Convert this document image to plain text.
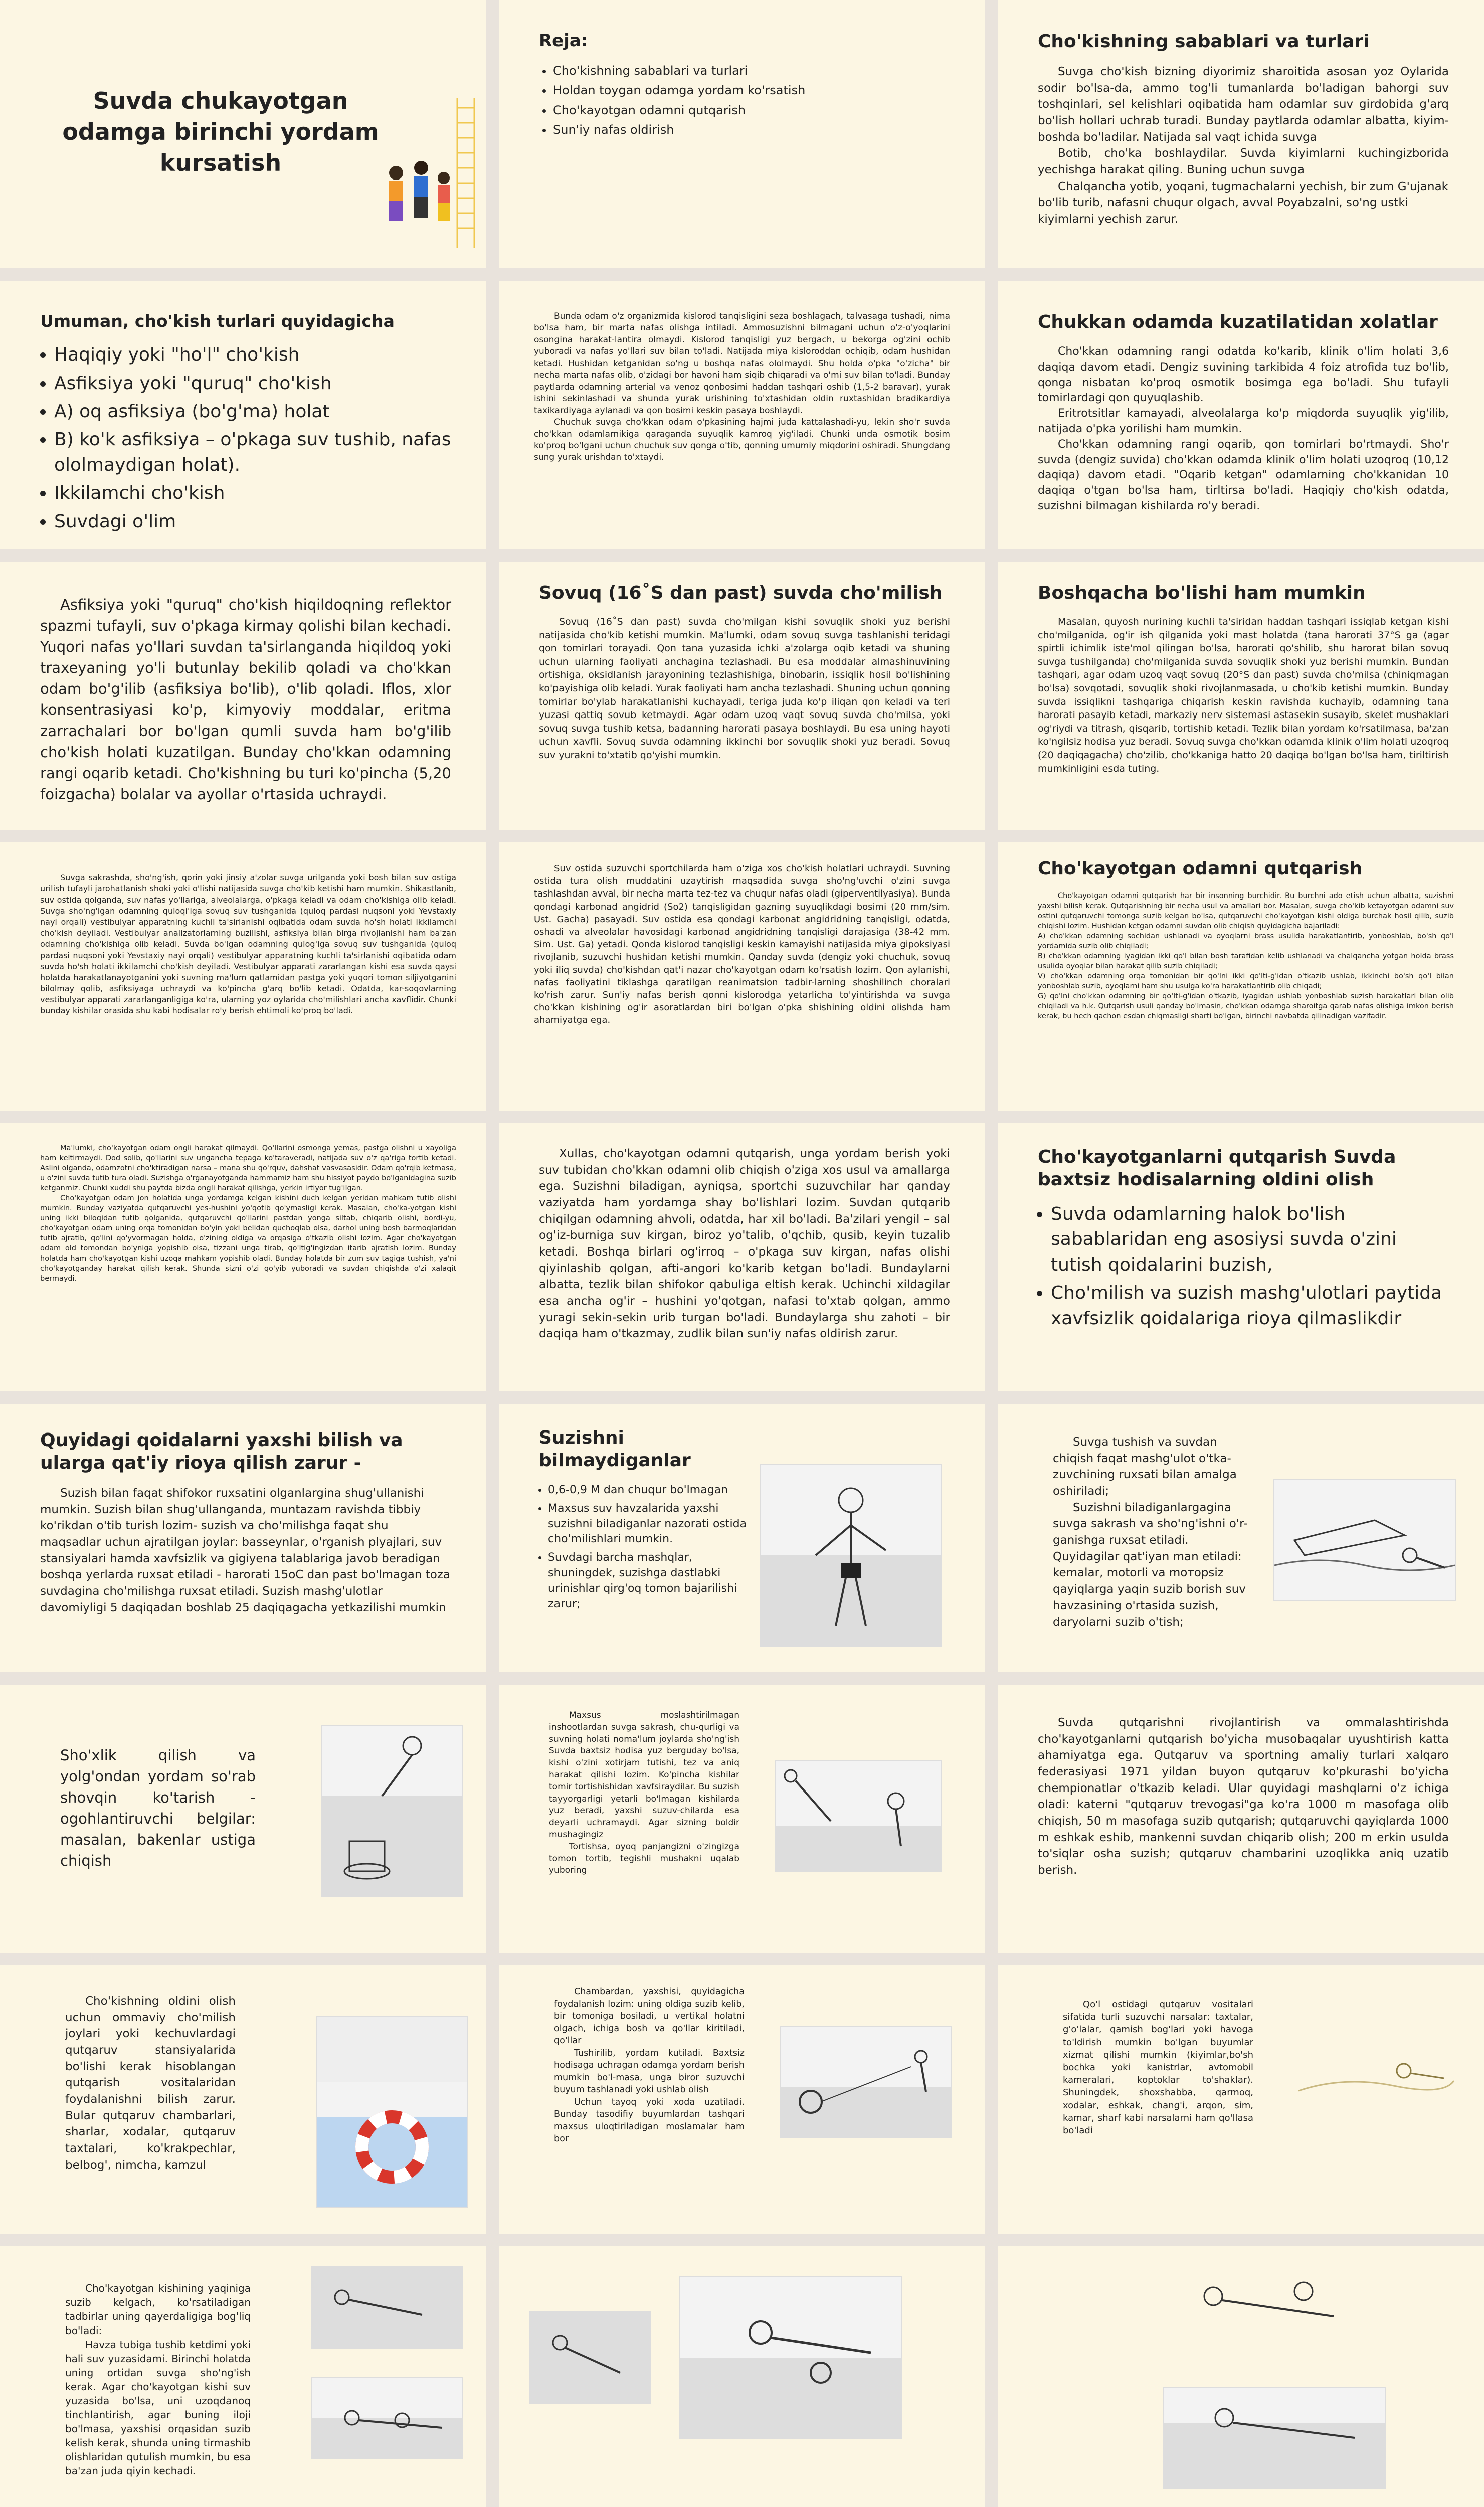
Suvda chukayotgan odamga birinchi yordam kursatish
Reja:
• Cho'kishning sabablari va turlari
• Holdan toygan odamga yordam ko'rsatish
• Cho'kayotgan odamni qutqarish
• Sun'iy nafas oldirish
Cho'kishning sabablari va turlari

Suvga cho'kish bizning diyorimiz sharoitida asosan yoz Oylarida sodir bo'lsa-da, ammo tog'li tumanlarda bo'ladigan bahorgi suv toshqinlari, sel kelishlari oqibatida ham odamlar suv girdobida g'arq bo'lish hollari uchrab turadi. Bunday paytlarda odamlar albatta, kiyim-boshda bo'ladilar. Natijada sal vaqt ichida suvga

Botib, cho'ka boshlaydilar. Suvda kiyimlarni kuchingizborida yechishga harakat qiling. Buning uchun suvga

Chalqancha yotib, yoqani, tugmachalarni yechish, bir zum G'ujanak bo'lib turib, nafasni chuqur olgach, avval Poyabzalni, so'ng ustki kiyimlarni yechish zarur.

Umuman, cho'kish turlari quyidagicha
• Haqiqiy yoki "ho'l" cho'kish
• Asfiksiya yoki "quruq" cho'kish
• A) oq asfiksiya (bo'g'ma) holat
• B) ko'k asfiksiya – o'pkaga suv tushib, nafas ololmaydigan holat).
• Ikkilamchi cho'kish
• Suvdagi o'lim

Bunda odam o'z organizmida kislorod tanqisligini seza boshlagach, talvasaga tushadi, nima bo'lsa ham, bir marta nafas olishga intiladi. Ammosuzishni bilmagani uchun o'z-o'yoqlarini osongina harakat-lantira olmaydi. Kislorod tanqisligi yuz bergach, u bekorga og'zini ochib yuboradi va nafas yo'llari suv bilan to'ladi. Natijada miya kisloroddan ochiqib, odam hushidan ketadi. Hushidan ketganidan so'ng u boshqa nafas ololmaydi. Shu holda o'pka "o'zicha" bir necha marta nafas olib, o'zidagi bor havoni ham siqib chiqaradi va o'mi suv bilan to'ladi. Bunday paytlarda odamning arterial va venoz qonbosimi haddan tashqari oshib (1,5-2 baravar), yurak ishini sekinlashadi va shunda yurak urishining to'xtashidan oldin ruxtashidan bradikardiya taxikardiyaga aylanadi va qon bosimi keskin pasaya boshlaydi.

Chuchuk suvga cho'kkan odam o'pkasining hajmi juda kattalashadi-yu, lekin sho'r suvda cho'kkan odamlarnikiga qaraganda suyuqlik kamroq yig'iladi. Chunki unda osmotik bosim ko'proq bo'lgani uchun chuchuk suv qonga o'tib, qonning umumiy miqdorini oshiradi. Shungdang sung yurak urishdan to'xtaydi.

Chukkan odamda kuzatilatidan xolatlar

Cho'kkan odamning rangi odatda ko'karib, klinik o'lim holati 3,6 daqiqa davom etadi. Dengiz suvining tarkibida 4 foiz atrofida tuz bo'lib, qonga nisbatan ko'proq osmotik bosimga ega bo'ladi. Shu tufayli tomirlardagi qon quyuqlashib.

Eritrotsitlar kamayadi, alveolalarga ko'p miqdorda suyuqlik yig'ilib, natijada o'pka yorilishi ham mumkin.

Cho'kkan odamning rangi oqarib, qon tomirlari bo'rtmaydi. Sho'r suvda (dengiz suvida) cho'kkan odamda klinik o'lim holati uzoqroq (10,12 daqiqa) davom etadi. "Oqarib ketgan" odamlarning cho'kkanidan 10 daqiqa o'tgan bo'lsa ham, tirltirsa bo'ladi. Haqiqiy cho'kish odatda, suzishni bilmagan kishilarda ro'y beradi.

Asfiksiya yoki "quruq" cho'kish hiqildoqning reflektor spazmi tufayli, suv o'pkaga kirmay qolishi bilan kechadi. Yuqori nafas yo'llari suvdan ta'sirlanganda hiqildoq yoki traxeyaning yo'li butunlay bekilib qoladi va cho'kkan odam bo'g'ilib (asfiksiya bo'lib), o'lib qoladi. Iflos, xlor konsentrasiyasi ko'p, kimyoviy moddalar, eritma zarrachalari bor bo'lgan qumli suvda ham bo'g'ilib cho'kish holati kuzatilgan. Bunday cho'kkan odamning rangi oqarib ketadi. Cho'kishning bu turi ko'pincha (5,20 foizgacha) bolalar va ayollar o'rtasida uchraydi.

Sovuq (16˚S dan past) suvda cho'milish

Sovuq (16˚S dan past) suvda cho'milgan kishi sovuqlik shoki yuz berishi natijasida cho'kib ketishi mumkin. Ma'lumki, odam sovuq suvga tashlanishi teridagi qon tomirlari torayadi. Qon tana yuzasida ichki a'zolarga oqib ketadi va shuning uchun ularning faoliyati anchagina tezlashadi. Bu esa moddalar almashinuvining ortishiga, oksidlanish jarayonining tezlashishiga, binobarin, issiqlik hosil bo'lishining ko'payishiga olib keladi. Yurak faoliyati ham ancha tezlashadi. Shuning uchun qonning tomirlar bo'ylab harakatlanishi kuchayadi, teriga juda ko'p iliqan qon keladi va teri yuzasi qattiq sovub ketmaydi. Agar odam uzoq vaqt sovuq suvda cho'milsa, yoki sovuq suvga tushib ketsa, badanning harorati pasaya boshlaydi. Bu esa uning hayoti uchun xavfli. Sovuq suvda odamning ikkinchi bor sovuqlik shoki yuz beradi. Sovuq suv yurakni to'xtatib qo'yishi mumkin.

Boshqacha bo'lishi ham mumkin

Masalan, quyosh nurining kuchli ta'siridan haddan tashqari issiqlab ketgan kishi cho'milganida, og'ir ish qilganida yoki mast holatda (tana harorati 37°S ga (agar spirtli ichimlik iste'mol qilingan bo'lsa, harorati qo'shilib, shu harorat bilan sovuq suvga tushilganda) cho'milganida suvda sovuqlik shoki yuz berishi mumkin. Bundan tashqari, agar odam uzoq vaqt sovuq (20°S dan past) suvda cho'milsa (chiniqmagan bo'lsa) sovqotadi, sovuqlik shoki rivojlanmasada, u cho'kib ketishi mumkin. Bunday suvda issiqlikni tashqariga chiqarish keskin ravishda kuchayib, odamning tana harorati pasayib ketadi, markaziy nerv sistemasi astasekin susayib, skelet mushaklari og'riydi va titrash, qisqarib, tortishib ketadi. Tezlik bilan yordam ko'rsatilmasa, ba'zan ko'ngilsiz hodisa yuz beradi. Sovuq suvga cho'kkan odamda klinik o'lim holati uzoqroq (20 daqiqagacha) cho'zilib, cho'kkaniga hatto 20 daqiqa bo'lgan bo'lsa ham, tiriltirish mumkinligini esda tuting.

Suvga sakrashda, sho'ng'ish, qorin yoki jinsiy a'zolar suvga urilganda yoki bosh bilan suv ostiga urilish tufayli jarohatlanish shoki yoki o'lishi natijasida suvga cho'kib ketishi ham mumkin. Shikastlanib, suv ostida qolganda, suv nafas yo'llariga, alveolalarga, o'pkaga keladi va odam cho'kishiga olib keladi. Suvga sho'ng'igan odamning quloqi'iga sovuq suv tushganida (quloq pardasi nuqsoni yoki Yevstaxiy nayi orqali) vestibulyar apparatning kuchli ta'sirlanishi oqibatida odam suvda ho'sh holati ikkilamchi cho'kish deyiladi. Vestibulyar analizatorlarning buzilishi, asfiksiya bilan birga rivojlanishi ham ba'zan odamning cho'kishiga olib keladi. Suvda bo'lgan odamning qulog'iga sovuq suv tushganida (quloq pardasi nuqsoni yoki Yevstaxiy nayi orqali) vestibulyar apparatning kuchli ta'sirlanishi oqibatida odam suvda ho'sh holati ikkilamchi cho'kish deyiladi. Vestibulyar apparati zararlangan kishi esa suvda qaysi holatda harakatlanayotganini yoki suvning ma'lum qatlamidan pastga yoki yuqori tomon siljiyotganini bilolmay qolib, asfiksiyaga uchraydi va ko'pincha g'arq bo'lib ketadi. Odatda, kar-soqovlarning vestibulyar apparati zararlanganligiga ko'ra, ularning yoz oylarida cho'milishlari ancha xavflidir. Chunki bunday kishilar orasida shu kabi hodisalar ro'y berish ehtimoli ko'proq bo'ladi.

Suv ostida suzuvchi sportchilarda ham o'ziga xos cho'kish holatlari uchraydi. Suvning ostida tura olish muddatini uzaytirish maqsadida suvga sho'ng'uvchi o'zini suvga tashlashdan avval, bir necha marta tez-tez va chuqur nafas oladi (giperventilyasiya). Bunda qondagi karbonad angidrid (So2) tanqisligidan gazning suyuqlikdagi bosimi (20 mm/sim. Ust. Gacha) pasayadi. Suv ostida esa qondagi karbonat angidridning tanqisligi, odatda, oshadi va alveolalar havosidagi karbonad angidridning tanqisligi darajasiga (38-42 mm. Sim. Ust. Ga) yetadi. Qonda kislorod tanqisligi keskin kamayishi natijasida miya gipoksiyasi rivojlanib, suzuvchi hushidan ketishi mumkin. Qanday suvda (dengiz yoki chuchuk, sovuq yoki iliq suvda) cho'kishdan qat'i nazar cho'kayotgan odam ko'rsatish lozim. Qon aylanishi, nafas faoliyatini tiklashga qaratilgan reanimatsion tadbir-larning shoshilinch choralari ko'rish zarur. Sun'iy nafas berish qonni kislorodga yetarlicha to'yintirishda va suvga cho'kkan kishining og'ir asoratlardan biri bo'lgan o'pka shishining oldini olishda ham ahamiyatga ega.

Cho'kayotgan odamni qutqarish

Cho'kayotgan odamni qutqarish har bir insonning burchidir. Bu burchni ado etish uchun albatta, suzishni yaxshi bilish kerak. Qutqarishning bir necha usul va amallari bor. Masalan, suvga cho'kib ketayotgan odamni suv ostini qutqaruvchi tomonga suzib kelgan bo'lsa, qutqaruvchi cho'kayotgan kishi oldiga burchak hosil qilib, suzib chiqishi lozim. Hushidan ketgan odamni suvdan olib chiqish quyidagicha bajariladi:

A) cho'kkan odamning sochidan ushlanadi va oyoqlarni brass usulida harakatlantirib, yonboshlab, bo'sh qo'l yordamida suzib olib chiqiladi;
B) cho'kkan odamning iyagidan ikki qo'l bilan bosh tarafidan kelib ushlanadi va chalqancha yotgan holda brass usulida oyoqlar bilan harakat qilib suzib chiqiladi;
V) cho'kkan odamning orqa tomonidan bir qo'lni ikki qo'lti-g'idan o'tkazib ushlab, ikkinchi bo'sh qo'l bilan yonboshlab suzib, oyoqlarni ham shu usulga ko'ra harakatlantirib olib chiqadi;
G) qo'lni cho'kkan odamning bir qo'lti-g'idan o'tkazib, iyagidan ushlab yonboshlab suzish harakatlari bilan olib chiqiladi va h.k. Qutqarish usuli qanday bo'lmasin, cho'kkan odamga sharoitga qarab nafas olishiga imkon berish kerak, bu hech qachon esdan chiqmasligi sharti bo'lgan, birinchi navbatda qilinadigan vazifadir.

Ma'lumki, cho'kayotgan odam ongli harakat qilmaydi. Qo'llarini osmonga yemas, pastga olishni u xayoliga ham keltirmaydi. Dod solib, qo'llarini suv ungancha tepaga ko'taraveradi, natijada suv o'z qa'riga tortib ketadi. Aslini olganda, odamzotni cho'ktiradigan narsa – mana shu qo'rquv, dahshat vasvasasidir. Odam qo'rqib ketmasa, u o'zini suvda tutib tura oladi. Suzishga o'rganayotganda hammamiz ham shu hissiyot paydo bo'lganidagina suzib ketganmiz. Chunki xuddi shu paytda bizda ongli harakat qilishga, yerkin irtiyor tug'ilgan.

Cho'kayotgan odam jon holatida unga yordamga kelgan kishini duch kelgan yeridan mahkam tutib olishi mumkin. Bunday vaziyatda qutqaruvchi yes-hushini yo'qotib qo'ymasligi kerak. Masalan, cho'ka-yotgan kishi uning ikki biloqidan tutib qolganida, qutqaruvchi qo'llarini pastdan yonga siltab, chiqarib olishi, bordi-yu, cho'kayotgan odam uning orqa tomonidan bo'yin yoki belidan quchoqlab olsa, darhol uning bosh barmoqlaridan tutib ajratib, qo'lini qo'yvormagan holda, o'zining oldiga va orqasiga o'tkazib olishi lozim. Agar cho'kayotgan odam old tomondan bo'yniga yopishib olsa, tizzani unga tirab, qo'ltig'ingizdan itarib ajratish lozim. Bunday holatda ham cho'kayotgan kishi uzoqa mahkam yopishib oladi. Bunday holatda bir zum suv tagiga tushish, ya'ni cho'kayotganday harakat qilish kerak. Shunda sizni o'zi qo'yib yuboradi va suvdan chiqishda o'zi xalaqit bermaydi.

Xullas, cho'kayotgan odamni qutqarish, unga yordam berish yoki suv tubidan cho'kkan odamni olib chiqish o'ziga xos usul va amallarga ega. Suzishni biladigan, ayniqsa, sportchi suzuvchilar har qanday vaziyatda ham yordamga shay bo'lishlari lozim. Suvdan qutqarib chiqilgan odamning ahvoli, odatda, har xil bo'ladi. Ba'zilari yengil – sal og'iz-burniga suv kirgan, biroz yo'talib, o'qchib, qusib, keyin tuzalib ketadi. Boshqa birlari og'irroq – o'pkaga suv kirgan, nafas olishi qiyinlashib qolgan, afti-angori ko'karib ketgan bo'ladi. Bundaylarni albatta, tezlik bilan shifokor qabuliga eltish kerak. Uchinchi xildagilar esa ancha og'ir – hushini yo'qotgan, nafasi to'xtab qolgan, ammo yuragi sekin-sekin urib turgan bo'ladi. Bundaylarga shu zahoti – bir daqiqa ham o'tkazmay, zudlik bilan sun'iy nafas oldirish zarur.

Cho'kayotganlarni qutqarish Suvda baxtsiz hodisalarning oldini olish
• Suvda odamlarning halok bo'lish sabablaridan eng asosiysi suvda o'zini tutish qoidalarini buzish,
• Cho'milish va suzish mashg'ulotlari paytida xavfsizlik qoidalariga rioya qilmaslikdir
Quyidagi qoidalarni yaxshi bilish va ularga qat'iy rioya qilish zarur -

Suzish bilan faqat shifokor ruxsatini olganlargina shug'ullanishi mumkin. Suzish bilan shug'ullanganda, muntazam ravishda tibbiy ko'rikdan o'tib turish lozim- suzish va cho'milishga faqat shu maqsadlar uchun ajratilgan joylar: basseynlar, o'rganish plyajlari, suv stansiyalari hamda xavfsizlik va gigiyena talablariga javob beradigan boshqa yerlarda ruxsat etiladi - harorati 15oC dan past bo'lmagan toza suvdagina cho'milishga ruxsat etiladi. Suzish mashg'ulotlar davomiyligi 5 daqiqadan boshlab 25 daqiqagacha yetkazilishi mumkin

Suzishni bilmaydiganlar
• 0,6-0,9 M dan chuqur bo'lmagan
• Maxsus suv havzalarida yaxshi suzishni biladiganlar nazorati ostida cho'milishlari mumkin.
• Suvdagi barcha mashqlar, shuningdek, suzishga dastlabki urinishlar qirg'oq tomon bajarilishi zarur;

Suvga tushish va suvdan chiqish faqat mashg'ulot o'tka-zuvchining ruxsati bilan amalga oshiriladi;

Suzishni biladiganlargagina suvga sakrash va sho'ng'ishni o'r-ganishga ruxsat etiladi. Quyidagilar qat'iyan man etiladi: kemalar, motorli va moторsiz qayiqlarga yaqin suzib borish suv havzasining o'rtasida suzish, daryolarni suzib o'tish;

Sho'xlik qilish va yolg'ondan yordam so'rab shovqin ko'tarish - ogohlantiruvchi belgilar: masalan, bakenlar ustiga chiqish

Maxsus moslashtirilmagan inshootlardan suvga sakrash, chu-qurligi va suvning holati noma'lum joylarda sho'ng'ish Suvda baxtsiz hodisa yuz berguday bo'lsa, kishi o'zini xotirjam tutishi, tez va aniq harakat qilishi lozim. Ko'pincha kishilar tomir tortishishidan xavfsiraydilar. Bu suzish tayyorgarligi yetarli bo'lmagan kishilarda yuz beradi, yaxshi suzuv-chilarda esa deyarli uchramaydi. Agar sizning boldir mushagingiz

Tortishsa, oyoq panjangizni o'zingizga tomon tortib, tegishli mushakni uqalab yuboring

Suvda qutqarishni rivojlantirish va ommalashtirishda cho'kayotganlarni qutqarish bo'yicha musobaqalar uyushtirish katta ahamiyatga ega. Qutqaruv va sportning amaliy turlari xalqaro federasiyasi 1971 yildan buyon qutqaruv ko'pkurashi bo'yicha chempionatlar o'tkazib keladi. Ular quyidagi mashqlarni o'z ichiga oladi: katerni "qutqaruv trevogasi"ga ko'ra 1000 m masofaga olib chiqish, 50 m masofaga suzib qutqarish; qutqaruvchi qayiqlarda 1000 m eshkak eshib, mankenni suvdan chiqarib olish; 200 m erkin usulda to'siqlar osha suzish; qutqaruv chambarini uzoqlikka aniq uzatib berish.

Cho'kishning oldini olish uchun ommaviy cho'milish joylari yoki kechuvlardagi qutqaruv stansiyalarida bo'lishi kerak hisoblangan qutqarish vositalaridan foydalanishni bilish zarur. Bular qutqaruv chambarlari, sharlar, xodalar, qutqaruv taxtalari, ko'krakpechlar, belbog', nimcha, kamzul

Chambardan, yaxshisi, quyidagicha foydalanish lozim: uning oldiga suzib kelib, bir tomoniga bosiladi, u vertikal holatni olgach, ichiga bosh va qo'llar kiritiladi, qo'llar

Tushirilib, yordam kutiladi. Baxtsiz hodisaga uchragan odamga yordam berish mumkin bo'l-masa, unga biror suzuvchi buyum tashlanadi yoki ushlab olish

Uchun tayoq yoki xoda uzatiladi. Bunday tasodifiy buyumlardan tashqari maxsus uloqtiriladigan moslamalar ham bor

Qo'l ostidagi qutqaruv vositalari sifatida turli suzuvchi narsalar: taxtalar, g'o'lalar, qamish bog'lari yoki havoga to'ldirish mumkin bo'lgan buyumlar xizmat qilishi mumkin (kiyimlar,bo'sh bochka yoki kanistrlar, avtomobil kameralari, koptoklar to'shaklar). Shuningdek, shoxshabba, qarmoq, xodalar, eshkak, chang'i, arqon, sim, kamar, sharf kabi narsalarni ham qo'llasa bo'ladi

Cho'kayotgan kishining yaqiniga suzib kelgach, ko'rsatiladigan tadbirlar uning qayerdaligiga bog'liq bo'ladi:

Havza tubiga tushib ketdimi yoki hali suv yuzasidami. Birinchi holatda uning ortidan suvga sho'ng'ish kerak. Agar cho'kayotgan kishi suv yuzasida bo'lsa, uni uzoqdanoq tinchlantirish, agar buning iloji bo'lmasa, yaxshisi orqasidan suzib kelish kerak, shunda uning tirmashib olishlaridan qutulish mumkin, bu esa ba'zan juda qiyin kechadi.
